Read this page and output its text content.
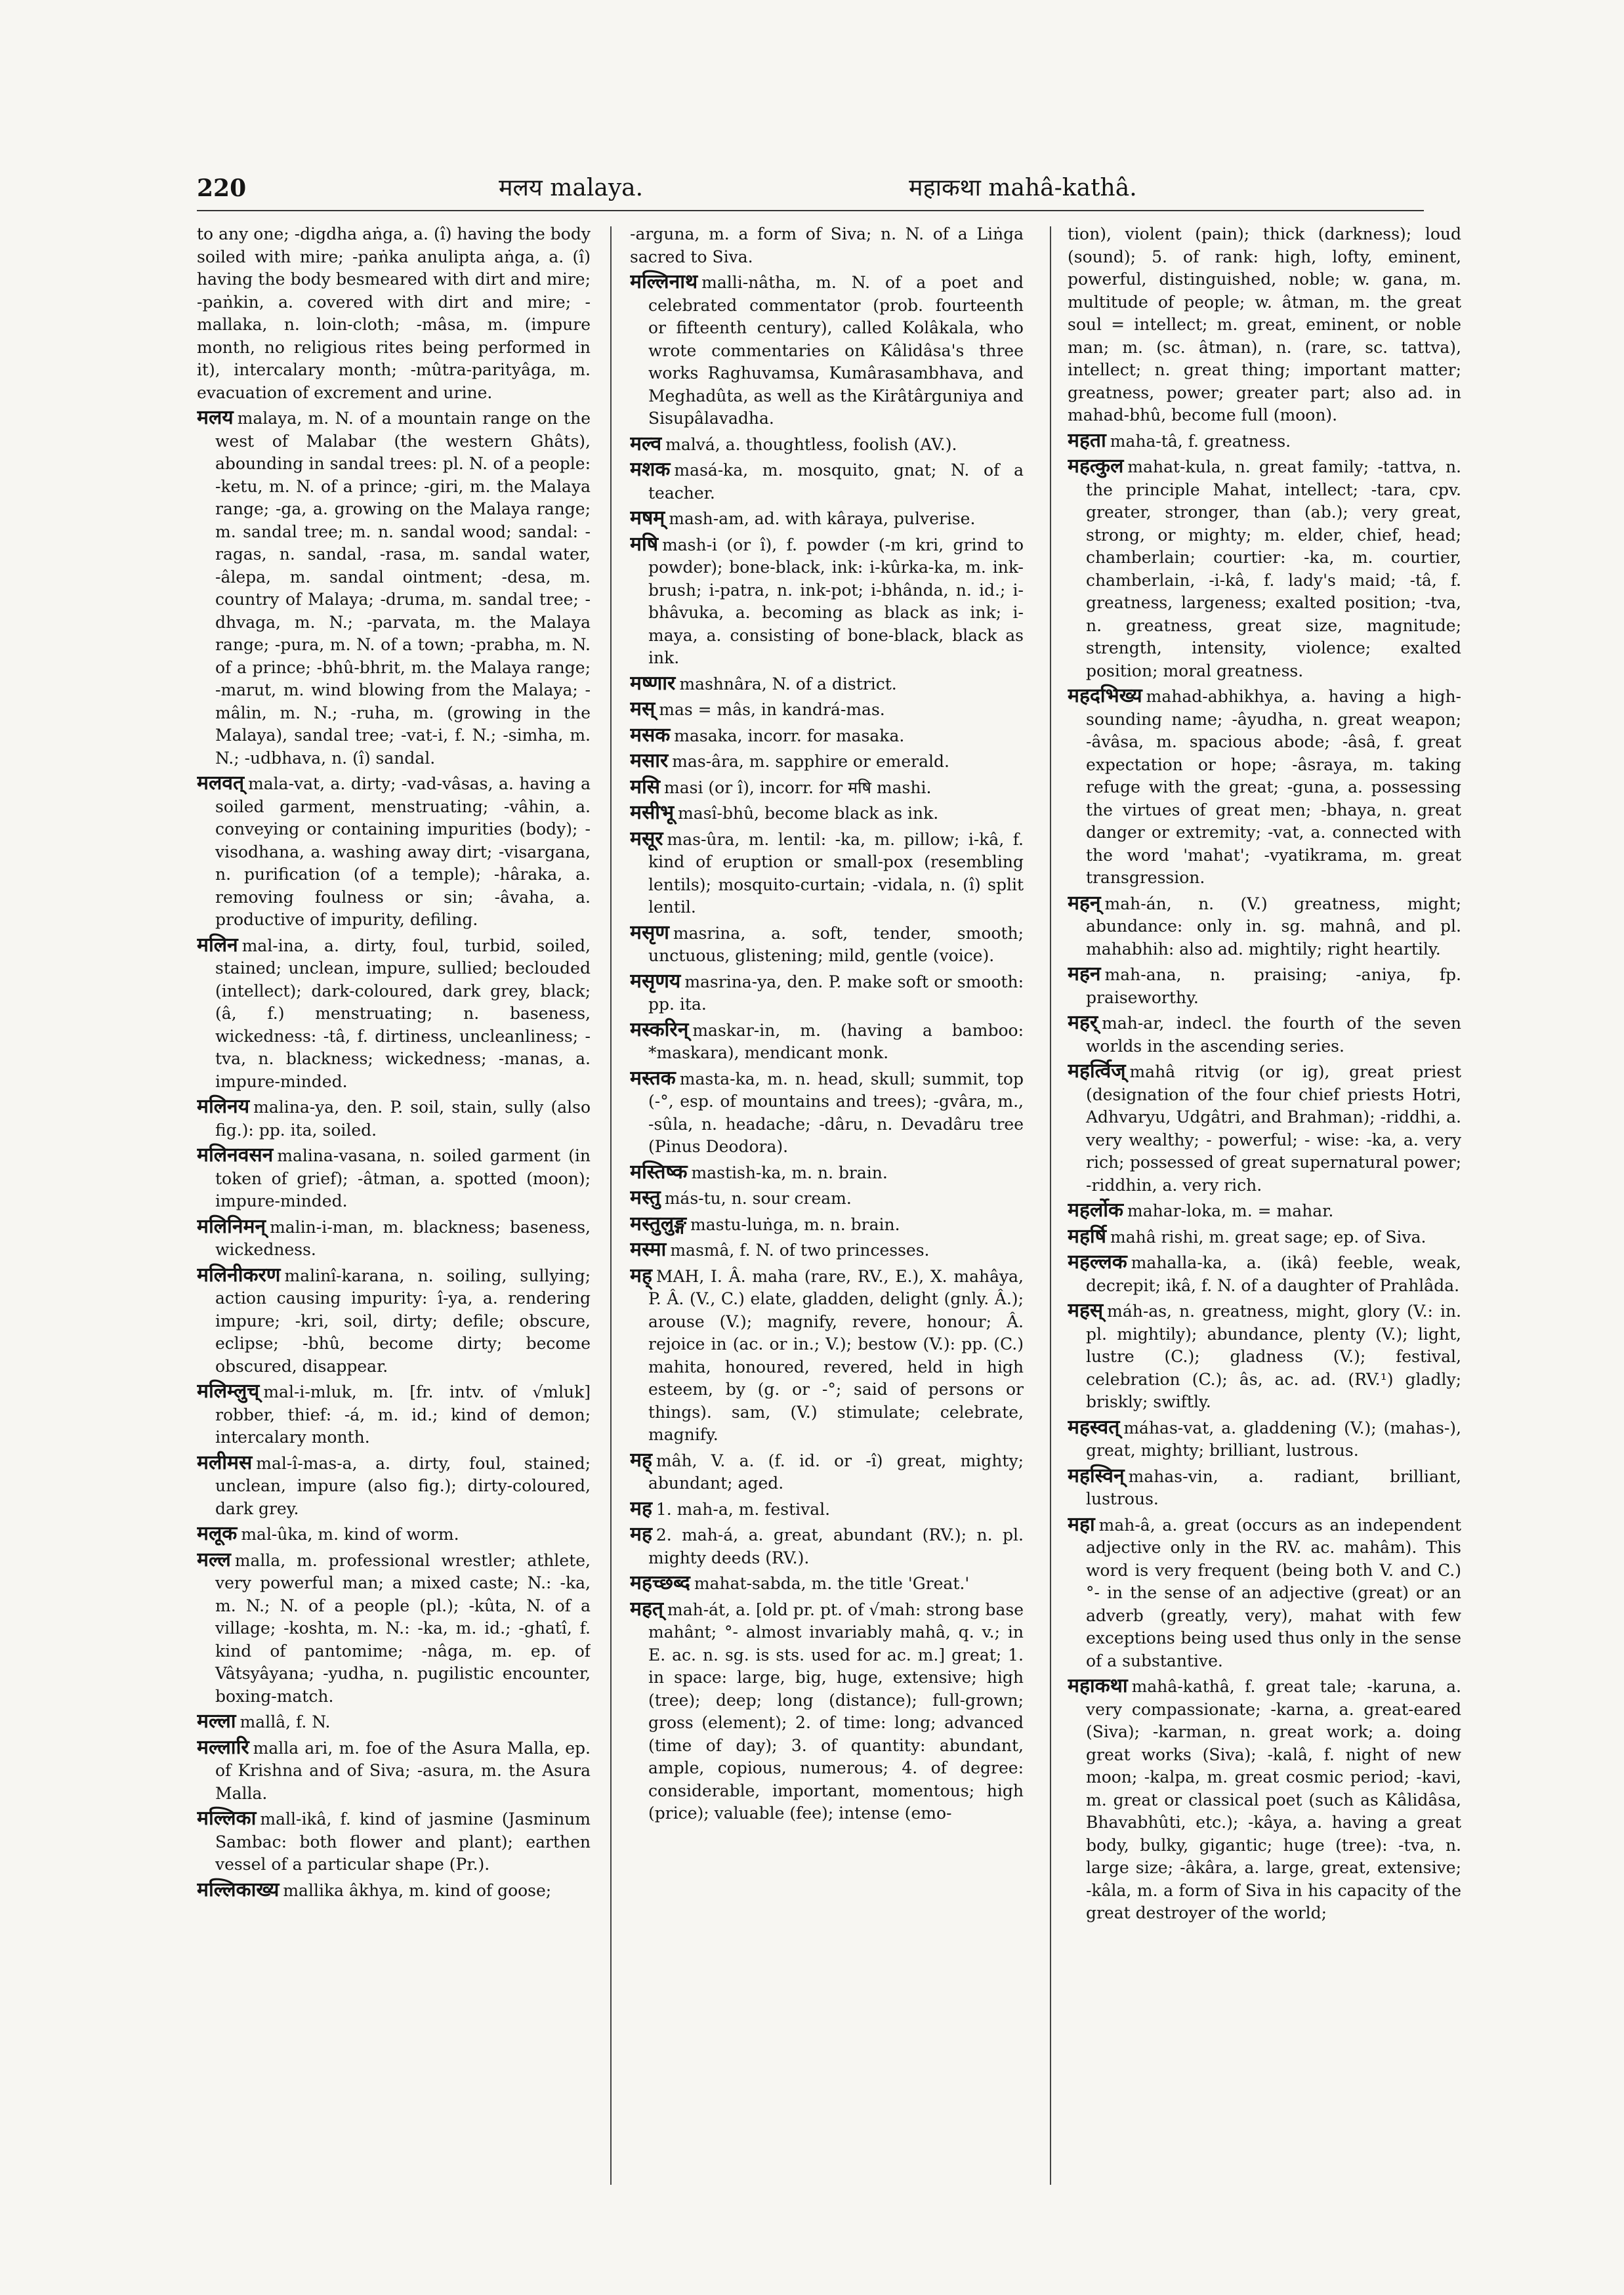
220	मलय malaya.	महाकथा mahâ-kathâ.

to any one; -digdha aṅga, a. (î) having the body soiled with mire; -paṅka anulipta aṅga, a. (î) having the body besmeared with dirt and mire; -paṅkin, a. covered with dirt and mire; -mallaka, n. loin-cloth; -mâsa, m. (impure month, no religious rites being performed in it), intercalary month; -mûtra-parityâga, m. evacuation of excrement and urine.

मलय malaya, m. N. of a mountain range on the west of Malabar (the western Ghâts), abounding in sandal trees: pl. N. of a people: -ketu, m. N. of a prince; -giri, m. the Malaya range; -ga, a. growing on the Malaya range; m. sandal tree; m. n. sandal wood; sandal: -ragas, n. sandal, -rasa, m. sandal water, -âlepa, m. sandal ointment; -desa, m. country of Malaya; -druma, m. sandal tree; -dhvaga, m. N.; -parvata, m. the Malaya range; -pura, m. N. of a town; -prabha, m. N. of a prince; -bhû-bhrit, m. the Malaya range; -marut, m. wind blowing from the Malaya; -mâlin, m. N.; -ruha, m. (growing in the Malaya), sandal tree; -vat-i, f. N.; -simha, m. N.; -udbhava, n. (î) sandal.

मलवत् mala-vat, a. dirty; -vad-vâsas, a. having a soiled garment, menstruating; -vâhin, a. conveying or containing impurities (body); -visodhana, a. washing away dirt; -visargana, n. purification (of a temple); -hâraka, a. removing foulness or sin; -âvaha, a. productive of impurity, defiling.

मलिन mal-ina, a. dirty, foul, turbid, soiled, stained; unclean, impure, sullied; beclouded (intellect); dark-coloured, dark grey, black; (â, f.) menstruating; n. baseness, wickedness: -tâ, f. dirtiness, uncleanliness; -tva, n. blackness; wickedness; -manas, a. impure-minded.

मलिनय malina-ya, den. P. soil, stain, sully (also fig.): pp. ita, soiled.

मलिनवसन malina-vasana, n. soiled garment (in token of grief); -âtman, a. spotted (moon); impure-minded.

मलिनिमन् malin-i-man, m. blackness; baseness, wickedness.

मलिनीकरण malinî-karana, n. soiling, sullying; action causing impurity: î-ya, a. rendering impure; -kri, soil, dirty; defile; obscure, eclipse; -bhû, become dirty; become obscured, disappear.

मलिम्लुच् mal-i-mluk, m. [fr. intv. of √mluk] robber, thief: -á, m. id.; kind of demon; intercalary month.

मलीमस mal-î-mas-a, a. dirty, foul, stained; unclean, impure (also fig.); dirty-coloured, dark grey.

मलूक mal-ûka, m. kind of worm.

मल्ल malla, m. professional wrestler; athlete, very powerful man; a mixed caste; N.: -ka, m. N.; N. of a people (pl.); -kûta, N. of a village; -koshta, m. N.: -ka, m. id.; -ghatî, f. kind of pantomime; -nâga, m. ep. of Vâtsyâyana; -yudha, n. pugilistic encounter, boxing-match.

मल्ला mallâ, f. N.

मल्लारि malla ari, m. foe of the Asura Malla, ep. of Krishna and of Siva; -asura, m. the Asura Malla.

मल्लिका mall-ikâ, f. kind of jasmine (Jasminum Sambac: both flower and plant); earthen vessel of a particular shape (Pr.).

मल्लिकाख्य mallika âkhya, m. kind of goose;

-arguna, m. a form of Siva; n. N. of a Liṅga sacred to Siva.

मल्लिनाथ malli-nâtha, m. N. of a poet and celebrated commentator (prob. fourteenth or fifteenth century), called Kolâkala, who wrote commentaries on Kâlidâsa's three works Raghuvamsa, Kumârasambhava, and Meghadûta, as well as the Kirâtârguniya and Sisupâlavadha.

मल्व malvá, a. thoughtless, foolish (AV.).

मशक masá-ka, m. mosquito, gnat; N. of a teacher.

मषम् mash-am, ad. with kâraya, pulverise.

मषि mash-i (or î), f. powder (-m kri, grind to powder); bone-black, ink: i-kûrka-ka, m. ink-brush; i-patra, n. ink-pot; i-bhânda, n. id.; i-bhâvuka, a. becoming as black as ink; i-maya, a. consisting of bone-black, black as ink.

मष्णार mashnâra, N. of a district.

मस् mas = mâs, in kandrá-mas.

मसक masaka, incorr. for masaka.

मसार mas-âra, m. sapphire or emerald.

मसि masi (or î), incorr. for मषि mashi.

मसीभू masî-bhû, become black as ink.

मसूर mas-ûra, m. lentil: -ka, m. pillow; i-kâ, f. kind of eruption or small-pox (resembling lentils); mosquito-curtain; -vidala, n. (î) split lentil.

मसृण masrina, a. soft, tender, smooth; unctuous, glistening; mild, gentle (voice).

मसृणय masrina-ya, den. P. make soft or smooth: pp. ita.

मस्करिन् maskar-in, m. (having a bamboo: *maskara), mendicant monk.

मस्तक masta-ka, m. n. head, skull; summit, top (-°, esp. of mountains and trees); -gvâra, m., -sûla, n. headache; -dâru, n. Devadâru tree (Pinus Deodora).

मस्तिष्क mastish-ka, m. n. brain.

मस्तु más-tu, n. sour cream.

मस्तुलुङ्ग mastu-luṅga, m. n. brain.

मस्मा masmâ, f. N. of two princesses.

मह् MAH, I. Â. maha (rare, RV., E.), X. mahâya, P. Â. (V., C.) elate, gladden, delight (gnly. Â.); arouse (V.); magnify, revere, honour; Â. rejoice in (ac. or in.; V.); bestow (V.): pp. (C.) mahita, honoured, revered, held in high esteem, by (g. or -°; said of persons or things). sam, (V.) stimulate; celebrate, magnify.

मह् mâh, V. a. (f. id. or -î) great, mighty; abundant; aged.

मह 1. mah-a, m. festival.

मह 2. mah-á, a. great, abundant (RV.); n. pl. mighty deeds (RV.).

महच्छब्द mahat-sabda, m. the title 'Great.'

महत् mah-át, a. [old pr. pt. of √mah: strong base mahânt; °- almost invariably mahâ, q. v.; in E. ac. n. sg. is sts. used for ac. m.] great; 1. in space: large, big, huge, extensive; high (tree); deep; long (distance); full-grown; gross (element); 2. of time: long; advanced (time of day); 3. of quantity: abundant, ample, copious, numerous; 4. of degree: considerable, important, momentous; high (price); valuable (fee); intense (emo-

tion), violent (pain); thick (darkness); loud (sound); 5. of rank: high, lofty, eminent, powerful, distinguished, noble; w. gana, m. multitude of people; w. âtman, m. the great soul = intellect; m. great, eminent, or noble man; m. (sc. âtman), n. (rare, sc. tattva), intellect; n. great thing; important matter; greatness, power; greater part; also ad. in mahad-bhû, become full (moon).

महता maha-tâ, f. greatness.

महत्कुल mahat-kula, n. great family; -tattva, n. the principle Mahat, intellect; -tara, cpv. greater, stronger, than (ab.); very great, strong, or mighty; m. elder, chief, head; chamberlain; courtier: -ka, m. courtier, chamberlain, -i-kâ, f. lady's maid; -tâ, f. greatness, largeness; exalted position; -tva, n. greatness, great size, magnitude; strength, intensity, violence; exalted position; moral greatness.

महदभिख्य mahad-abhikhya, a. having a high-sounding name; -âyudha, n. great weapon; -âvâsa, m. spacious abode; -âsâ, f. great expectation or hope; -âsraya, m. taking refuge with the great; -guna, a. possessing the virtues of great men; -bhaya, n. great danger or extremity; -vat, a. connected with the word 'mahat'; -vyatikrama, m. great transgression.

महन् mah-án, n. (V.) greatness, might; abundance: only in. sg. mahnâ, and pl. mahabhih: also ad. mightily; right heartily.

महन mah-ana, n. praising; -aniya, fp. praiseworthy.

महर् mah-ar, indecl. the fourth of the seven worlds in the ascending series.

महर्त्विज् mahâ ritvig (or ig), great priest (designation of the four chief priests Hotri, Adhvaryu, Udgâtri, and Brahman); -riddhi, a. very wealthy; - powerful; - wise: -ka, a. very rich; possessed of great supernatural power; -riddhin, a. very rich.

महर्लोक mahar-loka, m. = mahar.

महर्षि mahâ rishi, m. great sage; ep. of Siva.

महल्लक mahalla-ka, a. (ikâ) feeble, weak, decrepit; ikâ, f. N. of a daughter of Prahlâda.

महस् máh-as, n. greatness, might, glory (V.: in. pl. mightily); abundance, plenty (V.); light, lustre (C.); gladness (V.); festival, celebration (C.); âs, ac. ad. (RV.¹) gladly; briskly; swiftly.

महस्वत् máhas-vat, a. gladdening (V.); (mahas-), great, mighty; brilliant, lustrous.

महस्विन् mahas-vin, a. radiant, brilliant, lustrous.

महा mah-â, a. great (occurs as an independent adjective only in the RV. ac. mahâm). This word is very frequent (being both V. and C.) °- in the sense of an adjective (great) or an adverb (greatly, very), mahat with few exceptions being used thus only in the sense of a substantive.

महाकथा mahâ-kathâ, f. great tale; -karuna, a. very compassionate; -karna, a. great-eared (Siva); -karman, n. great work; a. doing great works (Siva); -kalâ, f. night of new moon; -kalpa, m. great cosmic period; -kavi, m. great or classical poet (such as Kâlidâsa, Bhavabhûti, etc.); -kâya, a. having a great body, bulky, gigantic; huge (tree): -tva, n. large size; -âkâra, a. large, great, extensive; -kâla, m. a form of Siva in his capacity of the great destroyer of the world;
